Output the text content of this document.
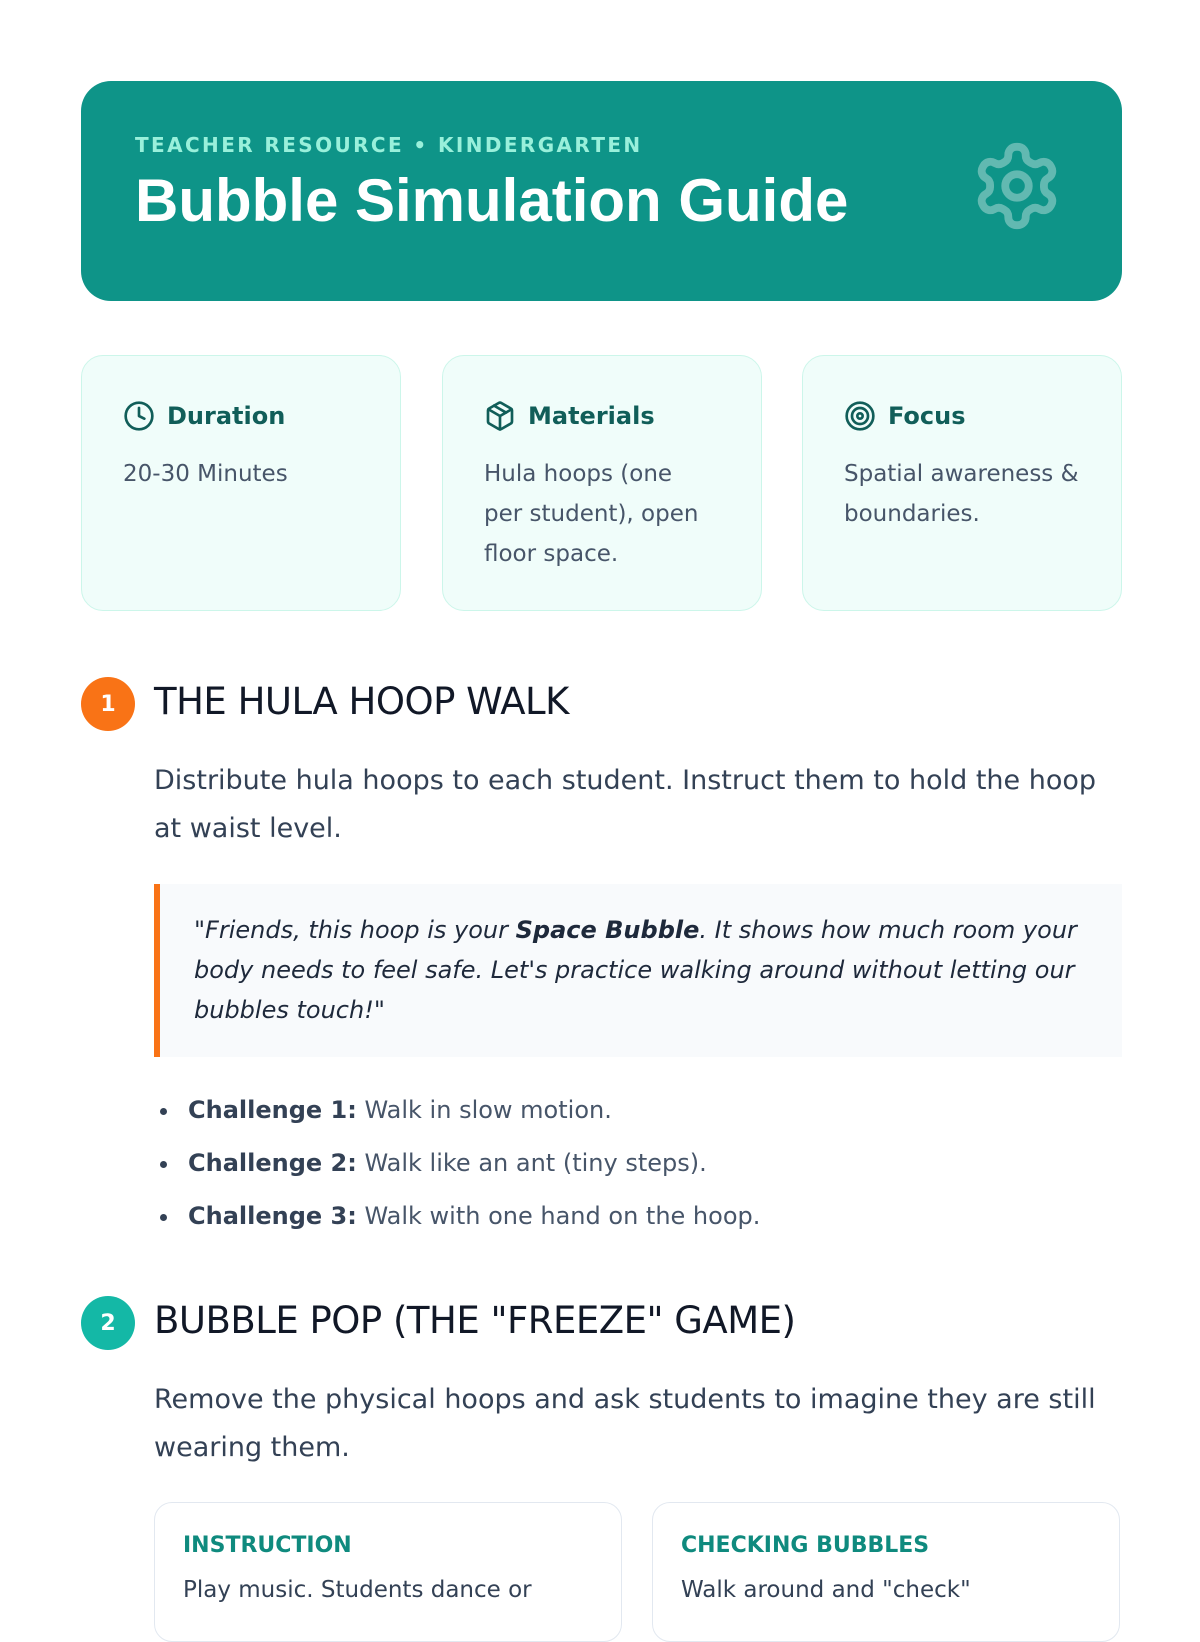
TEACHER RESOURCE • KINDERGARTEN
Bubble Simulation Guide
Duration
20-30 Minutes
Materials
Hula hoops (one per student), open floor space.
Focus
Spatial awareness & boundaries.
1	THE HULA HOOP WALK
Distribute hula hoops to each student. Instruct them to hold the hoop at waist level.
"Friends, this hoop is your Space Bubble. It shows how much room your body needs to feel safe. Let's practice walking around without letting our bubbles touch!"
Challenge 1: Walk in slow motion.
Challenge 2: Walk like an ant (tiny steps).
Challenge 3: Walk with one hand on the hoop.
2	BUBBLE POP (THE "FREEZE" GAME)
Remove the physical hoops and ask students to imagine they are still wearing them.
INSTRUCTION
Play music. Students dance or
CHECKING BUBBLES
Walk around and "check"
